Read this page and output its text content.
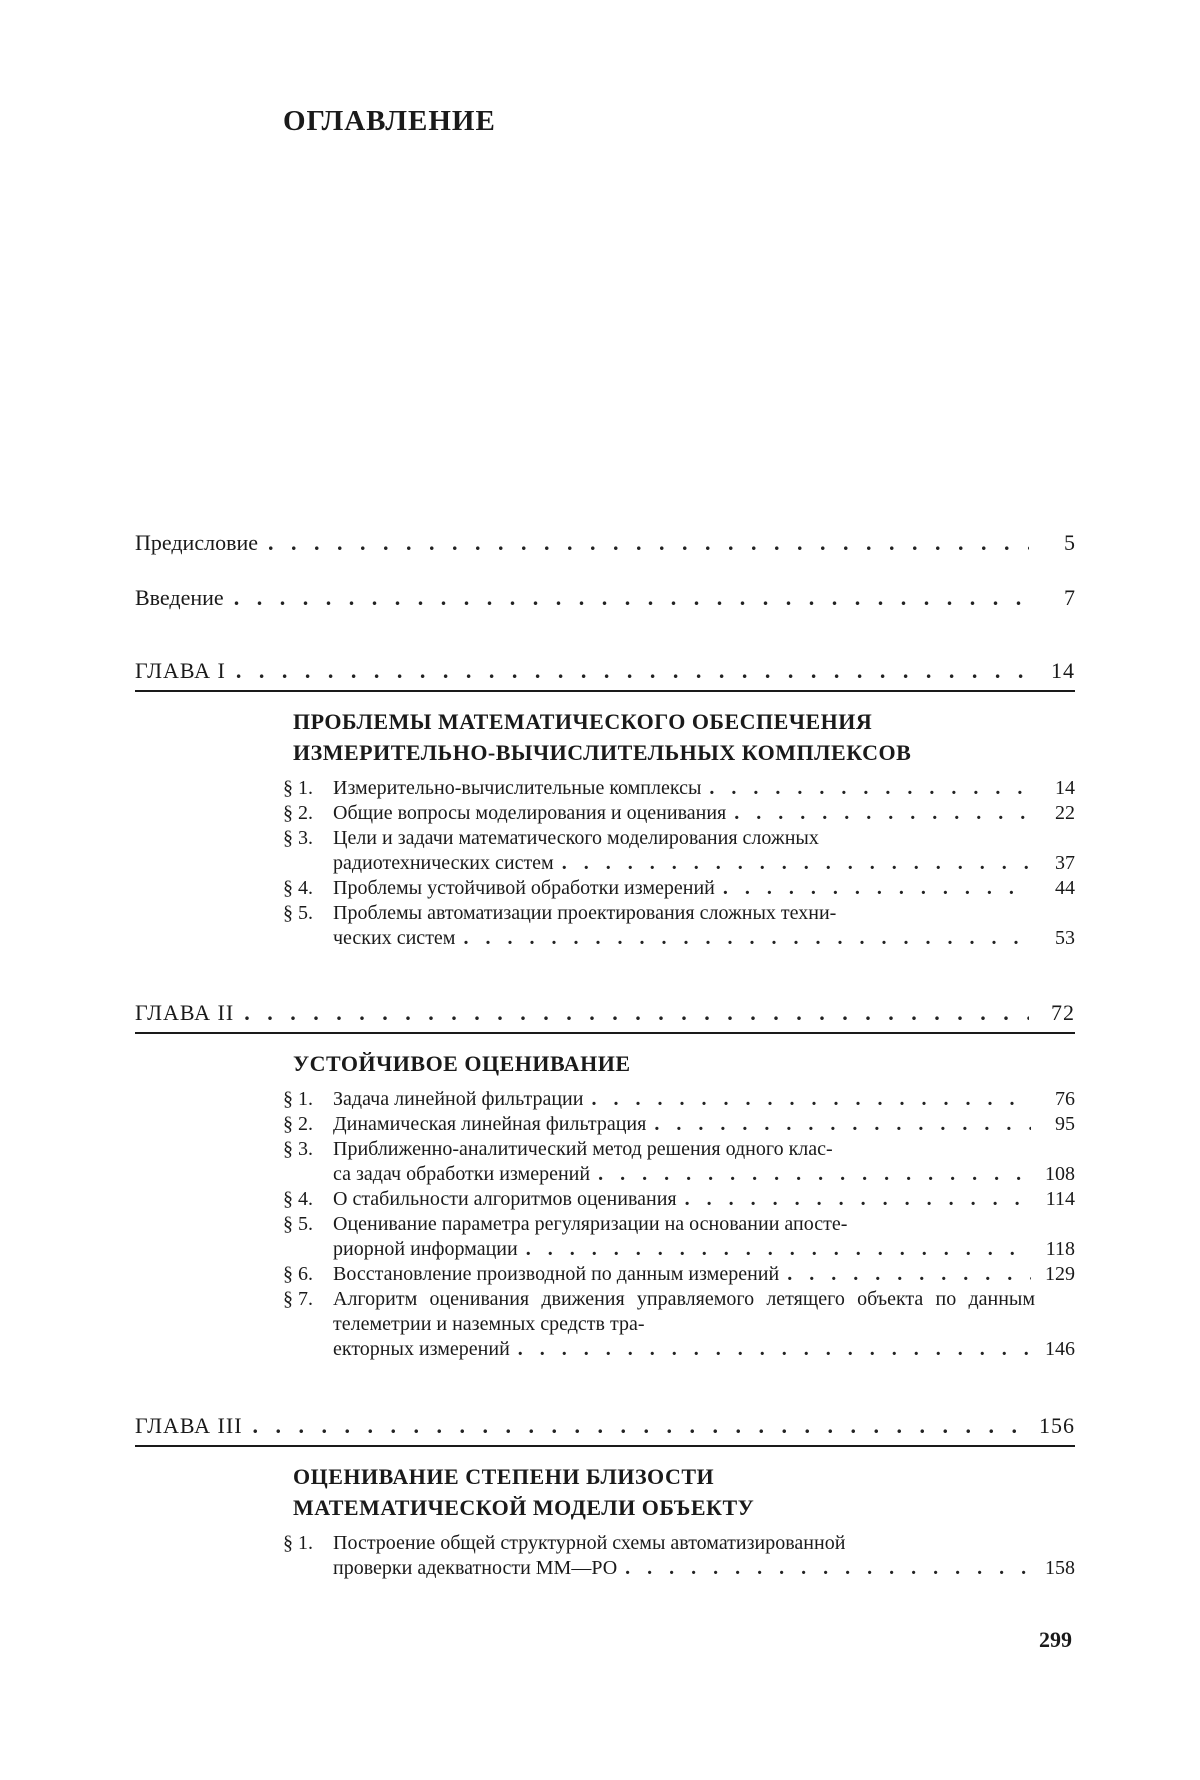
ОГЛАВЛЕНИЕ
Предисловие . . .	5
Введение . . .	7
ГЛАВА I . . .	14
ПРОБЛЕМЫ МАТЕМАТИЧЕСКОГО ОБЕСПЕЧЕНИЯ
ИЗМЕРИТЕЛЬНО-ВЫЧИСЛИТЕЛЬНЫХ КОМПЛЕКСОВ
§ 1.	Измерительно-вычислительные комплексы . . .	14
§ 2.	Общие вопросы моделирования и оценивания . . .	22
§ 3.	Цели и задачи математического моделирования сложных
радиотехнических систем . . .	37
§ 4.	Проблемы устойчивой обработки измерений . . .	44
§ 5.	Проблемы автоматизации проектирования сложных техни-
ческих систем . . .	53
ГЛАВА II . . .	72
УСТОЙЧИВОЕ ОЦЕНИВАНИЕ
§ 1.	Задача линейной фильтрации . . .	76
§ 2.	Динамическая линейная фильтрация . . .	95
§ 3.	Приближенно-аналитический метод решения одного клас-
са задач обработки измерений . . .	108
§ 4.	О стабильности алгоритмов оценивания . . .	114
§ 5.	Оценивание параметра регуляризации на основании апосте-
риорной информации . . .	118
§ 6.	Восстановление производной по данным измерений . . .	129
§ 7.	Алгоритм оценивания движения управляемого летящего объекта по данным телеметрии и наземных средств тра-
екторных измерений . . .	146
ГЛАВА III . . .	156
ОЦЕНИВАНИЕ СТЕПЕНИ БЛИЗОСТИ
МАТЕМАТИЧЕСКОЙ МОДЕЛИ ОБЪЕКТУ
§ 1.	Построение общей структурной схемы автоматизированной
проверки адекватности ММ—РО . . .	158
299
